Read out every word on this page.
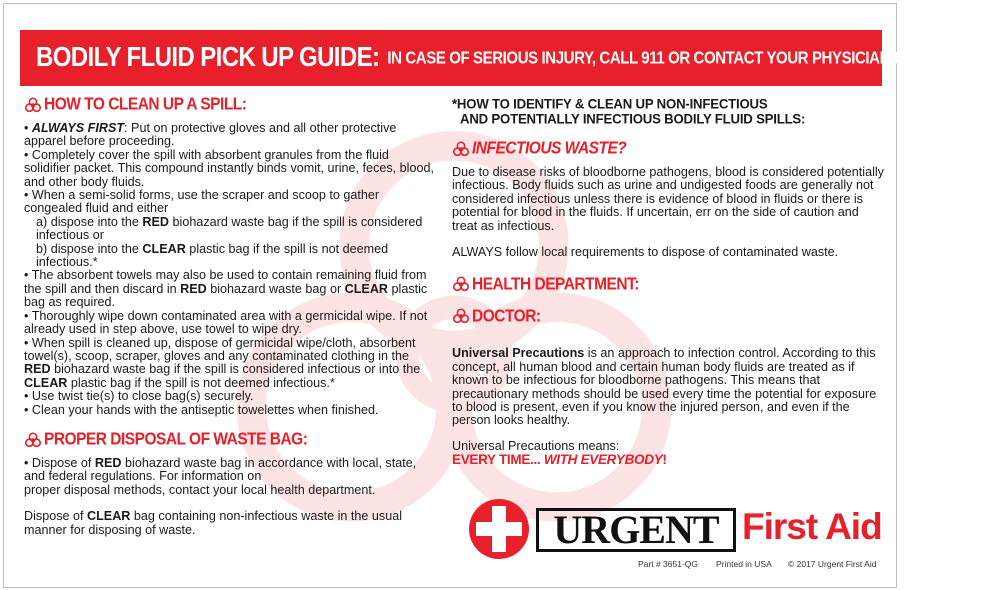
BODILY FLUID PICK UP GUIDE: IN CASE OF SERIOUS INJURY, CALL 911 OR CONTACT YOUR PHYSICIAN IMMEDIATELY.
HOW TO CLEAN UP A SPILL:

• ALWAYS FIRST: Put on protective gloves and all other protective apparel before proceeding.

• Completely cover the spill with absorbent granules from the fluid solidifier packet. This compound instantly binds vomit, urine, feces, blood, and other body fluids.

• When a semi-solid forms, use the scraper and scoop to gather congealed fluid and either

a) dispose into the RED biohazard waste bag if the spill is considered infectious or

b) dispose into the CLEAR plastic bag if the spill is not deemed infectious.*

• The absorbent towels may also be used to contain remaining fluid from the spill and then discard in RED biohazard waste bag or CLEAR plastic bag as required.

• Thoroughly wipe down contaminated area with a germicidal wipe. If not already used in step above, use towel to wipe dry.

• When spill is cleaned up, dispose of germicidal wipe/cloth, absorbent towel(s), scoop, scraper, gloves and any contaminated clothing in the RED biohazard waste bag if the spill is considered infectious or into the CLEAR plastic bag if the spill is not deemed infectious.*

• Use twist tie(s) to close bag(s) securely.

• Clean your hands with the antiseptic towelettes when finished.

PROPER DISPOSAL OF WASTE BAG:

• Dispose of RED biohazard waste bag in accordance with local, state, and federal regulations. For information on

proper disposal methods, contact your local health department.

Dispose of CLEAR bag containing non-infectious waste in the usual manner for disposing of waste.

*HOW TO IDENTIFY & CLEAN UP NON-INFECTIOUS
AND POTENTIALLY INFECTIOUS BODILY FLUID SPILLS:
INFECTIOUS WASTE?

Due to disease risks of bloodborne pathogens, blood is considered potentially infectious. Body fluids such as urine and undigested foods are generally not considered infectious unless there is evidence of blood in fluids or there is potential for blood in the fluids. If uncertain, err on the side of caution and treat as infectious.

ALWAYS follow local requirements to dispose of contaminated waste.

HEALTH DEPARTMENT:
DOCTOR:

Universal Precautions is an approach to infection control. According to this concept, all human blood and certain human body fluids are treated as if known to be infectious for bloodborne pathogens. This means that precautionary methods should be used every time the potential for exposure to blood is present, even if you know the injured person, and even if the person looks healthy.

Universal Precautions means:

EVERY TIME... WITH EVERYBODY!

URGENT First Aid
Part # 3651-QG Printed in USA © 2017 Urgent First Aid
